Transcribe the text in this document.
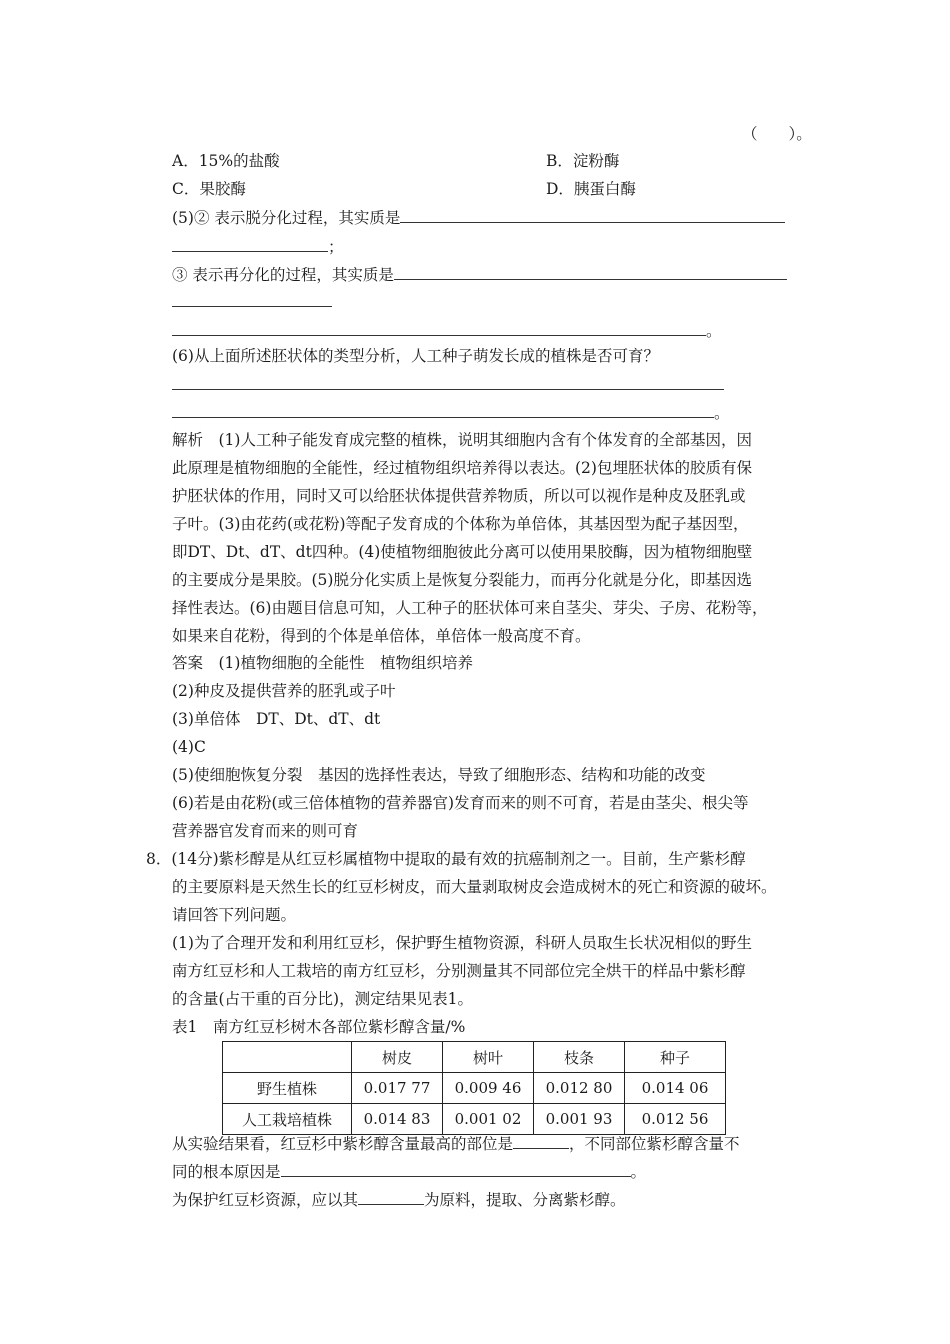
（　　）。
A．15%的盐酸	B．淀粉酶
C．果胶酶	D．胰蛋白酶
(5)② 表示脱分化过程，其实质是
；
③ 表示再分化的过程，其实质是
。
(6)从上面所述胚状体的类型分析，人工种子萌发长成的植株是否可育？
。
解析　(1)人工种子能发育成完整的植株，说明其细胞内含有个体发育的全部基因，因
此原理是植物细胞的全能性，经过植物组织培养得以表达。(2)包埋胚状体的胶质有保
护胚状体的作用，同时又可以给胚状体提供营养物质，所以可以视作是种皮及胚乳或
子叶。(3)由花药(或花粉)等配子发育成的个体称为单倍体，其基因型为配子基因型，
即DT、Dt、dT、dt四种。(4)使植物细胞彼此分离可以使用果胶酶，因为植物细胞壁
的主要成分是果胶。(5)脱分化实质上是恢复分裂能力，而再分化就是分化，即基因选
择性表达。(6)由题目信息可知，人工种子的胚状体可来自茎尖、芽尖、子房、花粉等，
如果来自花粉，得到的个体是单倍体，单倍体一般高度不育。
答案　(1)植物细胞的全能性　植物组织培养
(2)种皮及提供营养的胚乳或子叶
(3)单倍体　DT、Dt、dT、dt
(4)C
(5)使细胞恢复分裂　基因的选择性表达，导致了细胞形态、结构和功能的改变
(6)若是由花粉(或三倍体植物的营养器官)发育而来的则不可育，若是由茎尖、根尖等
营养器官发育而来的则可育
8．(14分)紫杉醇是从红豆杉属植物中提取的最有效的抗癌制剂之一。目前，生产紫杉醇
的主要原料是天然生长的红豆杉树皮，而大量剥取树皮会造成树木的死亡和资源的破坏。
请回答下列问题。
(1)为了合理开发和利用红豆杉，保护野生植物资源，科研人员取生长状况相似的野生
南方红豆杉和人工栽培的南方红豆杉，分别测量其不同部位完全烘干的样品中紫杉醇
的含量(占干重的百分比)，测定结果见表1。
表1　南方红豆杉树木各部位紫杉醇含量/%
	树皮	树叶	枝条	种子
野生植株	0.017 77	0.009 46	0.012 80	0.014 06
人工栽培植株	0.014 83	0.001 02	0.001 93	0.012 56
从实验结果看，红豆杉中紫杉醇含量最高的部位是	，不同部位紫杉醇含量不
同的根本原因是	。
为保护红豆杉资源，应以其	为原料，提取、分离紫杉醇。
